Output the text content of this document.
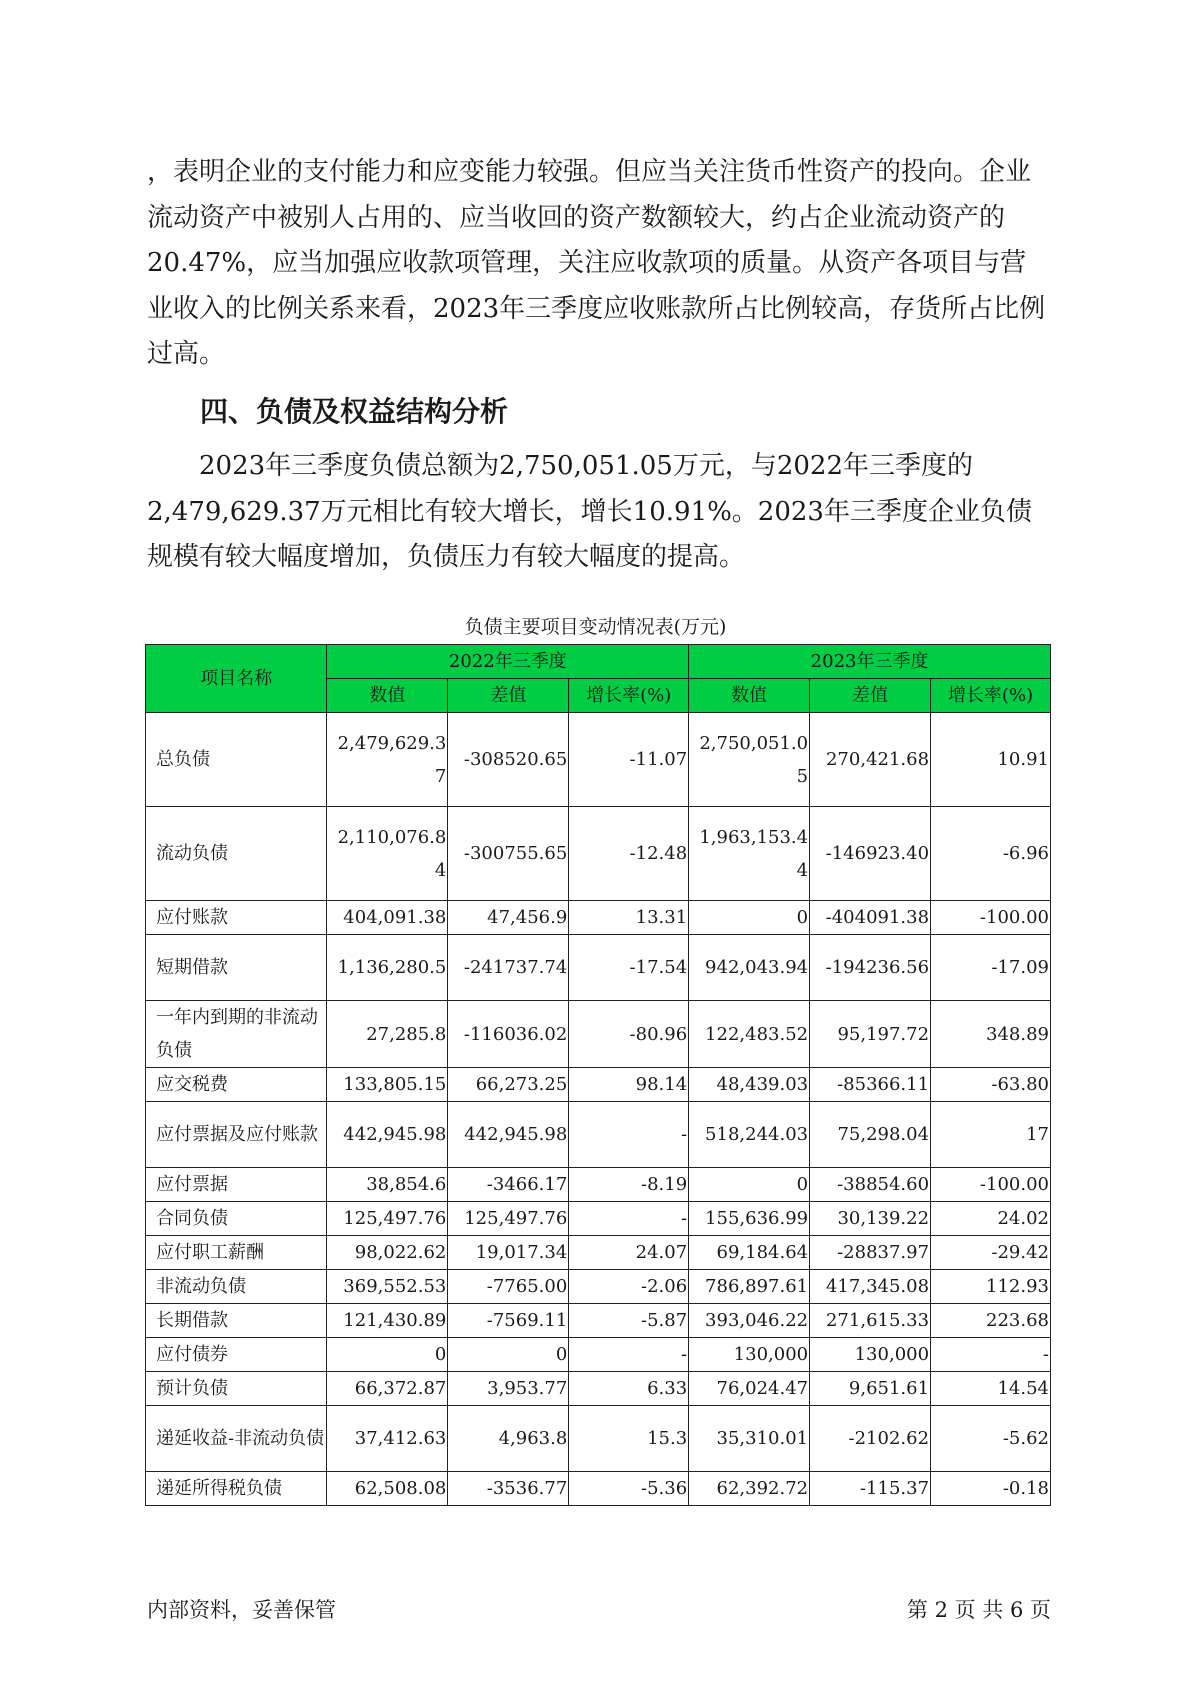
，表明企业的支付能力和应变能力较强。但应当关注货币性资产的投向。企业流动资产中被别人占用的、应当收回的资产数额较大，约占企业流动资产的20.47%，应当加强应收款项管理，关注应收款项的质量。从资产各项目与营业收入的比例关系来看，2023年三季度应收账款所占比例较高，存货所占比例过高。

四、负债及权益结构分析

2023年三季度负债总额为2,750,051.05万元，与2022年三季度的2,479,629.37万元相比有较大增长，增长10.91%。2023年三季度企业负债规模有较大幅度增加，负债压力有较大幅度的提高。

负债主要项目变动情况表(万元)

项目名称	2022年三季度			2023年三季度		
	数值	差值	增长率(%)	数值	差值	增长率(%)
总负债	2,479,629.37	-308520.65	-11.07	2,750,051.05	270,421.68	10.91
流动负债	2,110,076.84	-300755.65	-12.48	1,963,153.44	-146923.40	-6.96
应付账款	404,091.38	47,456.9	13.31	0	-404091.38	-100.00
短期借款	1,136,280.5	-241737.74	-17.54	942,043.94	-194236.56	-17.09
一年内到期的非流动负债	27,285.8	-116036.02	-80.96	122,483.52	95,197.72	348.89
应交税费	133,805.15	66,273.25	98.14	48,439.03	-85366.11	-63.80
应付票据及应付账款	442,945.98	442,945.98	-	518,244.03	75,298.04	17
应付票据	38,854.6	-3466.17	-8.19	0	-38854.60	-100.00
合同负债	125,497.76	125,497.76	-	155,636.99	30,139.22	24.02
应付职工薪酬	98,022.62	19,017.34	24.07	69,184.64	-28837.97	-29.42
非流动负债	369,552.53	-7765.00	-2.06	786,897.61	417,345.08	112.93
长期借款	121,430.89	-7569.11	-5.87	393,046.22	271,615.33	223.68
应付债券	0	0	-	130,000	130,000	-
预计负债	66,372.87	3,953.77	6.33	76,024.47	9,651.61	14.54
递延收益-非流动负债	37,412.63	4,963.8	15.3	35,310.01	-2102.62	-5.62
递延所得税负债	62,508.08	-3536.77	-5.36	62,392.72	-115.37	-0.18

内部资料，妥善保管	第 2 页 共 6 页
